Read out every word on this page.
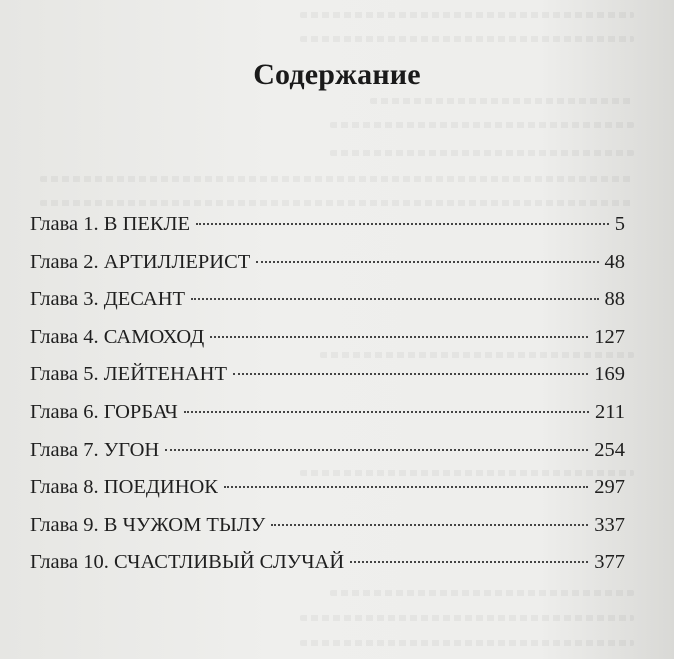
Содержание
Глава 1. В ПЕКЛЕ	5
Глава 2. АРТИЛЛЕРИСТ	48
Глава 3. ДЕСАНТ	88
Глава 4. САМОХОД	127
Глава 5. ЛЕЙТЕНАНТ	169
Глава 6. ГОРБАЧ	211
Глава 7. УГОН	254
Глава 8. ПОЕДИНОК	297
Глава 9. В ЧУЖОМ ТЫЛУ	337
Глава 10. СЧАСТЛИВЫЙ СЛУЧАЙ	377
